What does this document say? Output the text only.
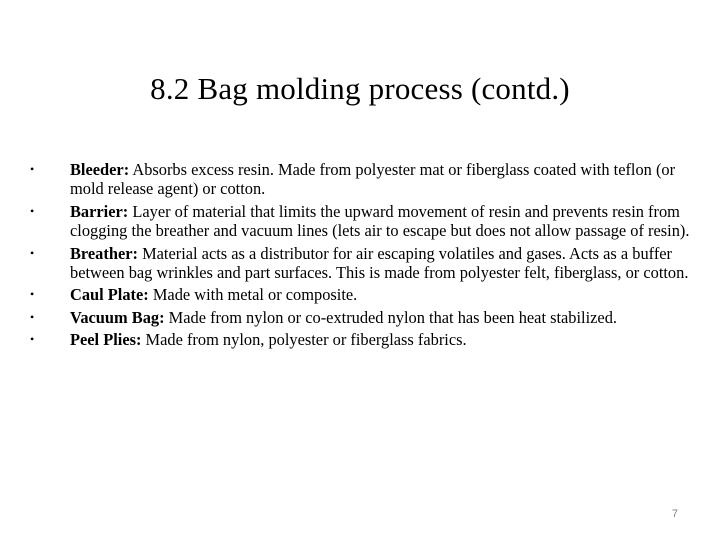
8.2 Bag molding process (contd.)
•	Bleeder: Absorbs excess resin. Made from polyester mat or fiberglass coated with teflon (or mold release agent) or cotton.
•	Barrier: Layer of material that limits the upward movement of resin and prevents resin from clogging the breather and vacuum lines (lets air to escape but does not allow passage of resin).
•	Breather: Material acts as a distributor for air escaping volatiles and gases. Acts as a buffer between bag wrinkles and part surfaces. This is made from polyester felt, fiberglass, or cotton.
•	Caul Plate: Made with metal or composite.
•	Vacuum Bag: Made from nylon or co-extruded nylon that has been heat stabilized.
•	Peel Plies: Made from nylon, polyester or fiberglass fabrics.
7
